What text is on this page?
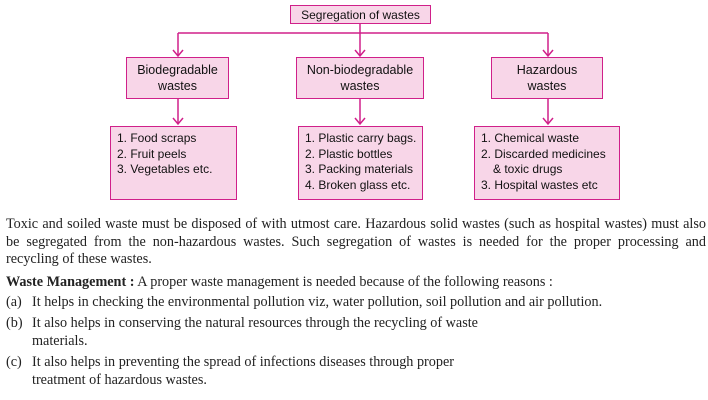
Segregation of wastes
Biodegradable
wastes
Non-biodegradable
wastes
Hazardous
wastes
1. Food scraps
2. Fruit peels
3. Vegetables etc.
1. Plastic carry bags.
2. Plastic bottles
3. Packing materials
4. Broken glass etc.
1. Chemical waste
2. Discarded medicines
& toxic drugs
3. Hospital wastes etc

Toxic and soiled waste must be disposed of with utmost care. Hazardous solid wastes (such as hospital wastes) must also be segregated from the non-hazardous wastes. Such segregation of wastes is needed for the proper processing and recycling of these wastes.

Waste Management : A proper waste management is needed because of the following reasons :

(a) It helps in checking the environmental pollution viz, water pollution, soil pollution and air pollution.
(b) It also helps in conserving the natural resources through the recycling of waste
materials.
(c) It also helps in preventing the spread of infections diseases through proper
treatment of hazardous wastes.
